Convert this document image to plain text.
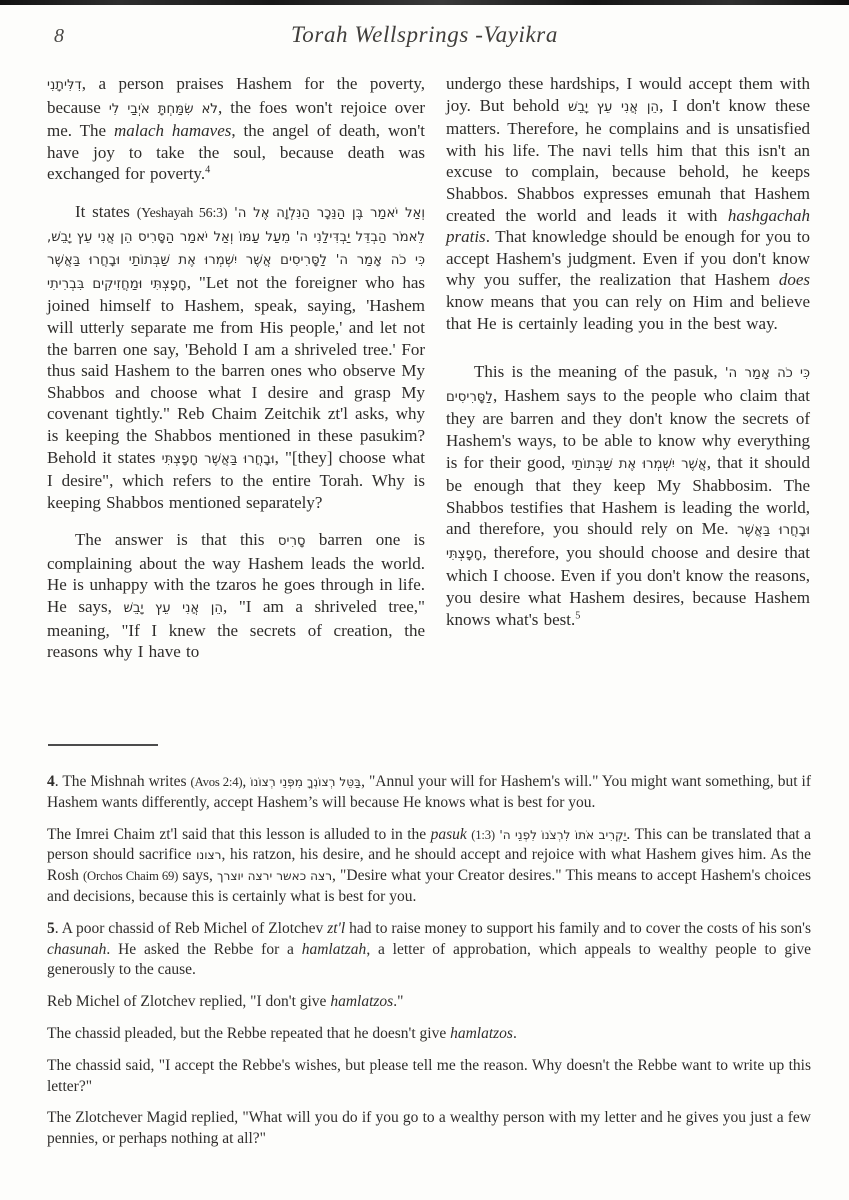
8	Torah Wellsprings -Vayikra

דִלִּיתָנִי, a person praises Hashem for the poverty, because לֹא שִׂמַּחְתָּ אֹיְבַי לִי, the foes won't rejoice over me. The malach hamaves, the angel of death, won't have joy to take the soul, because death was exchanged for poverty.$^4$

It states (Yeshayah 56:3) וְאַל יֹאמַר בֶּן הַנֵּכָר הַנִּלְוָה אֶל ה' לֵאמֹר הַבְדֵּל יַבְדִּילַנִי ה' מֵעַל עַמּוֹ וְאַל יֹאמַר הַסָּרִיס הֵן אֲנִי עֵץ יָבֵשׁ, כִּי כֹה אָמַר ה' לַסָּרִיסִים אֲשֶׁר יִשְׁמְרוּ אֶת שַׁבְּתוֹתַי וּבָחֲרוּ בַּאֲשֶׁר חָפָצְתִּי וּמַחֲזִיקִים בִּבְרִיתִי, "Let not the foreigner who has joined himself to Hashem, speak, saying, 'Hashem will utterly separate me from His people,' and let not the barren one say, 'Behold I am a shriveled tree.' For thus said Hashem to the barren ones who observe My Shabbos and choose what I desire and grasp My covenant tightly." Reb Chaim Zeitchik zt'l asks, why is keeping the Shabbos mentioned in these pasukim? Behold it states וּבָחֲרוּ בַּאֲשֶׁר חָפָצְתִּי, "[they] choose what I desire", which refers to the entire Torah. Why is keeping Shabbos mentioned separately?

The answer is that this סָרִיס barren one is complaining about the way Hashem leads the world. He is unhappy with the tzaros he goes through in life. He says, הֵן אֲנִי עֵץ יָבֵשׁ, "I am a shriveled tree," meaning, "If I knew the secrets of creation, the reasons why I have to

undergo these hardships, I would accept them with joy. But behold הֵן אֲנִי עֵץ יָבֵשׁ, I don't know these matters. Therefore, he complains and is unsatisfied with his life. The navi tells him that this isn't an excuse to complain, because behold, he keeps Shabbos. Shabbos expresses emunah that Hashem created the world and leads it with hashgachah pratis. That knowledge should be enough for you to accept Hashem's judgment. Even if you don't know why you suffer, the realization that Hashem does know means that you can rely on Him and believe that He is certainly leading you in the best way.

This is the meaning of the pasuk, כִּי כֹה אָמַר ה' לַסָּרִיסִים, Hashem says to the people who claim that they are barren and they don't know the secrets of Hashem's ways, to be able to know why everything is for their good, אֲשֶׁר יִשְׁמְרוּ אֶת שַׁבְּתוֹתַי, that it should be enough that they keep My Shabbosim. The Shabbos testifies that Hashem is leading the world, and therefore, you should rely on Me. וּבָחֲרוּ בַּאֲשֶׁר חָפָצְתִּי, therefore, you should choose and desire that which I choose. Even if you don't know the reasons, you desire what Hashem desires, because Hashem knows what's best.$^5$

4. The Mishnah writes (Avos 2:4), בַּטֵּל רְצוֹנְךָ מִפְּנֵי רְצוֹנוֹ, "Annul your will for Hashem's will." You might want something, but if Hashem wants differently, accept Hashem’s will because He knows what is best for you.

The Imrei Chaim zt'l said that this lesson is alluded to in the pasuk (1:3) יַקְרִיב אֹתוֹ לִרְצֹנוֹ לִפְנֵי ה'. This can be translated that a person should sacrifice רצונו, his ratzon, his desire, and he should accept and rejoice with what Hashem gives him. As the Rosh (Orchos Chaim 69) says, רצה כאשר ירצה יוצרך, "Desire what your Creator desires." This means to accept Hashem's choices and decisions, because this is certainly what is best for you.

5. A poor chassid of Reb Michel of Zlotchev zt'l had to raise money to support his family and to cover the costs of his son's chasunah. He asked the Rebbe for a hamlatzah, a letter of approbation, which appeals to wealthy people to give generously to the cause.

Reb Michel of Zlotchev replied, "I don't give hamlatzos."

The chassid pleaded, but the Rebbe repeated that he doesn't give hamlatzos.

The chassid said, "I accept the Rebbe's wishes, but please tell me the reason. Why doesn't the Rebbe want to write up this letter?"

The Zlotchever Magid replied, "What will you do if you go to a wealthy person with my letter and he gives you just a few pennies, or perhaps nothing at all?"
